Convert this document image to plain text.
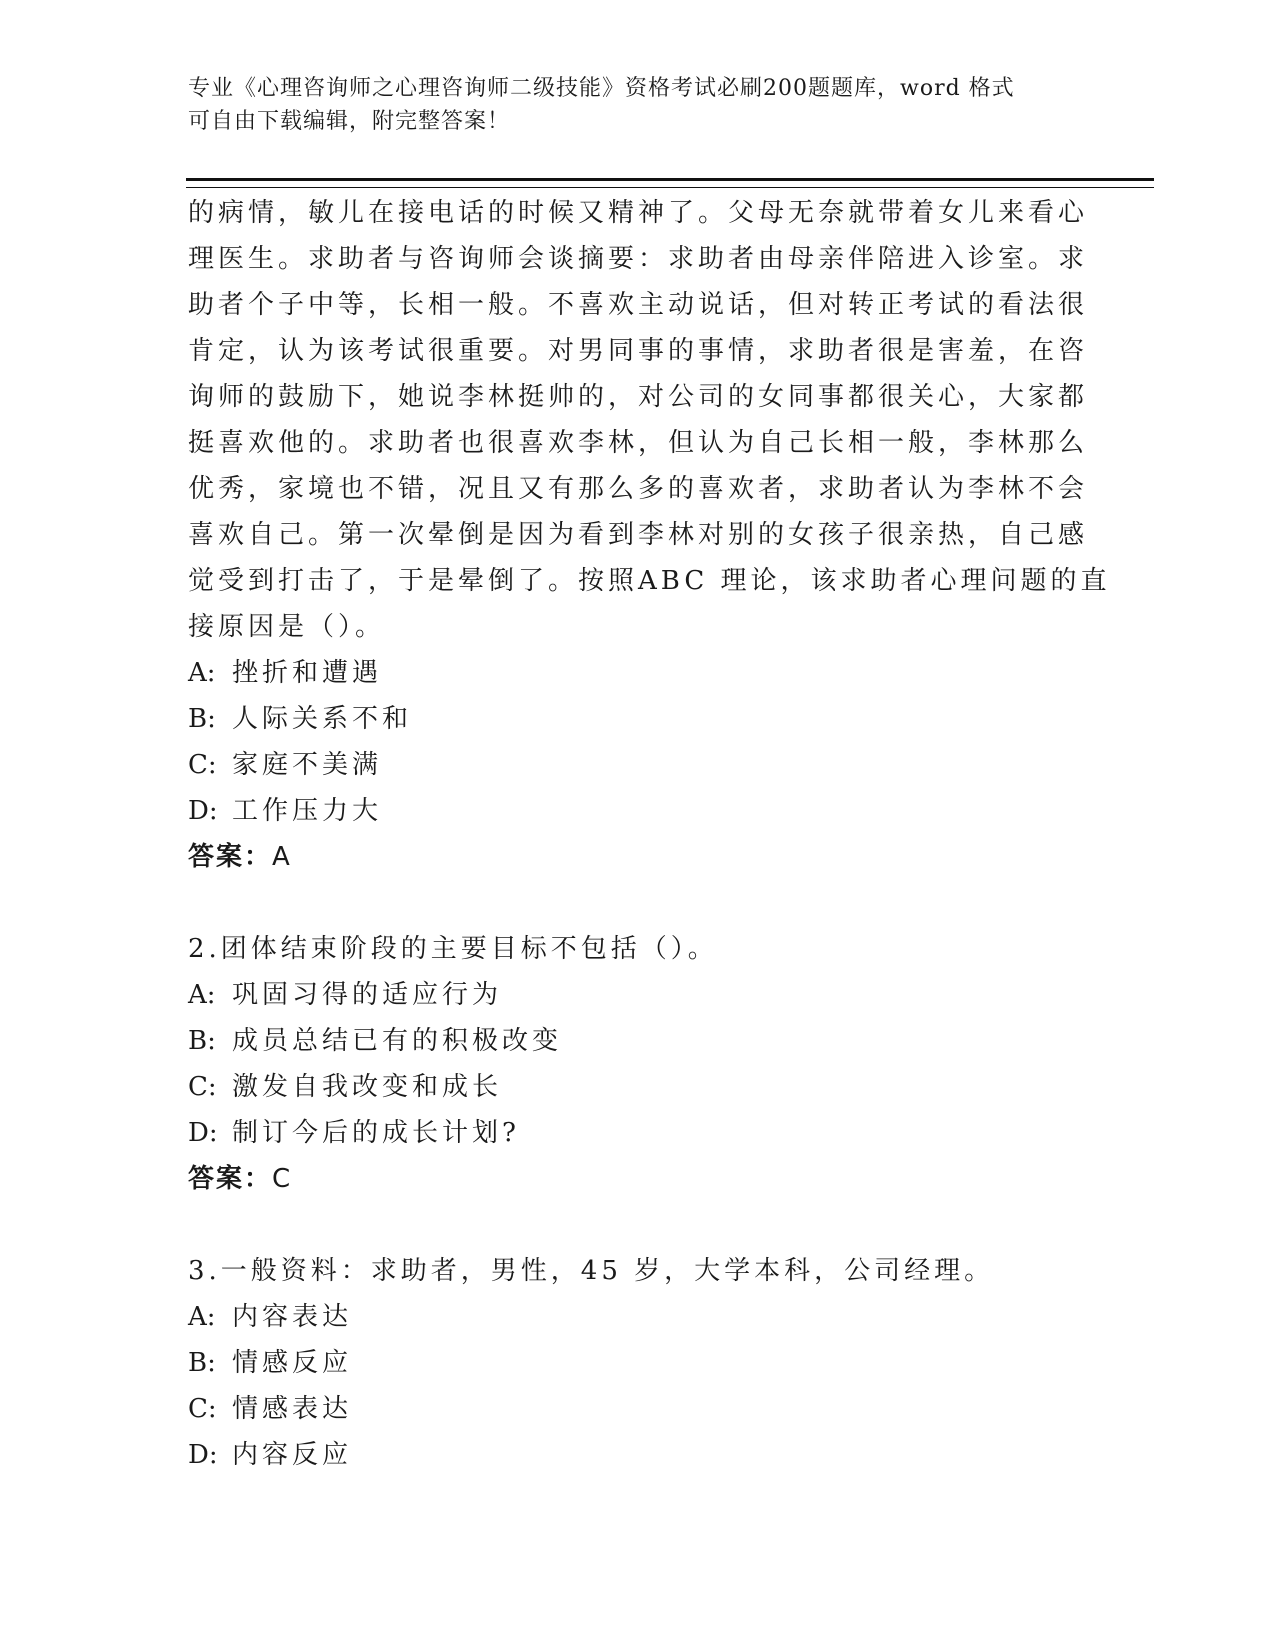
专业《心理咨询师之心理咨询师二级技能》资格考试必刷200题题库，word 格式
可自由下载编辑，附完整答案！
的病情，敏儿在接电话的时候又精神了。父母无奈就带着女儿来看心
理医生。求助者与咨询师会谈摘要：求助者由母亲伴陪进入诊室。求
助者个子中等，长相一般。不喜欢主动说话，但对转正考试的看法很
肯定，认为该考试很重要。对男同事的事情，求助者很是害羞，在咨
询师的鼓励下，她说李林挺帅的，对公司的女同事都很关心，大家都
挺喜欢他的。求助者也很喜欢李林，但认为自己长相一般，李林那么
优秀，家境也不错，况且又有那么多的喜欢者，求助者认为李林不会
喜欢自己。第一次晕倒是因为看到李林对别的女孩子很亲热，自己感
觉受到打击了，于是晕倒了。按照ABC 理论，该求助者心理问题的直
接原因是（）。
A: 挫折和遭遇
B: 人际关系不和
C: 家庭不美满
D: 工作压力大
答案：A
2.团体结束阶段的主要目标不包括（）。
A: 巩固习得的适应行为
B: 成员总结已有的积极改变
C: 激发自我改变和成长
D: 制订今后的成长计划?
答案：C
3.一般资料：求助者，男性，45 岁，大学本科，公司经理。
A: 内容表达
B: 情感反应
C: 情感表达
D: 内容反应
